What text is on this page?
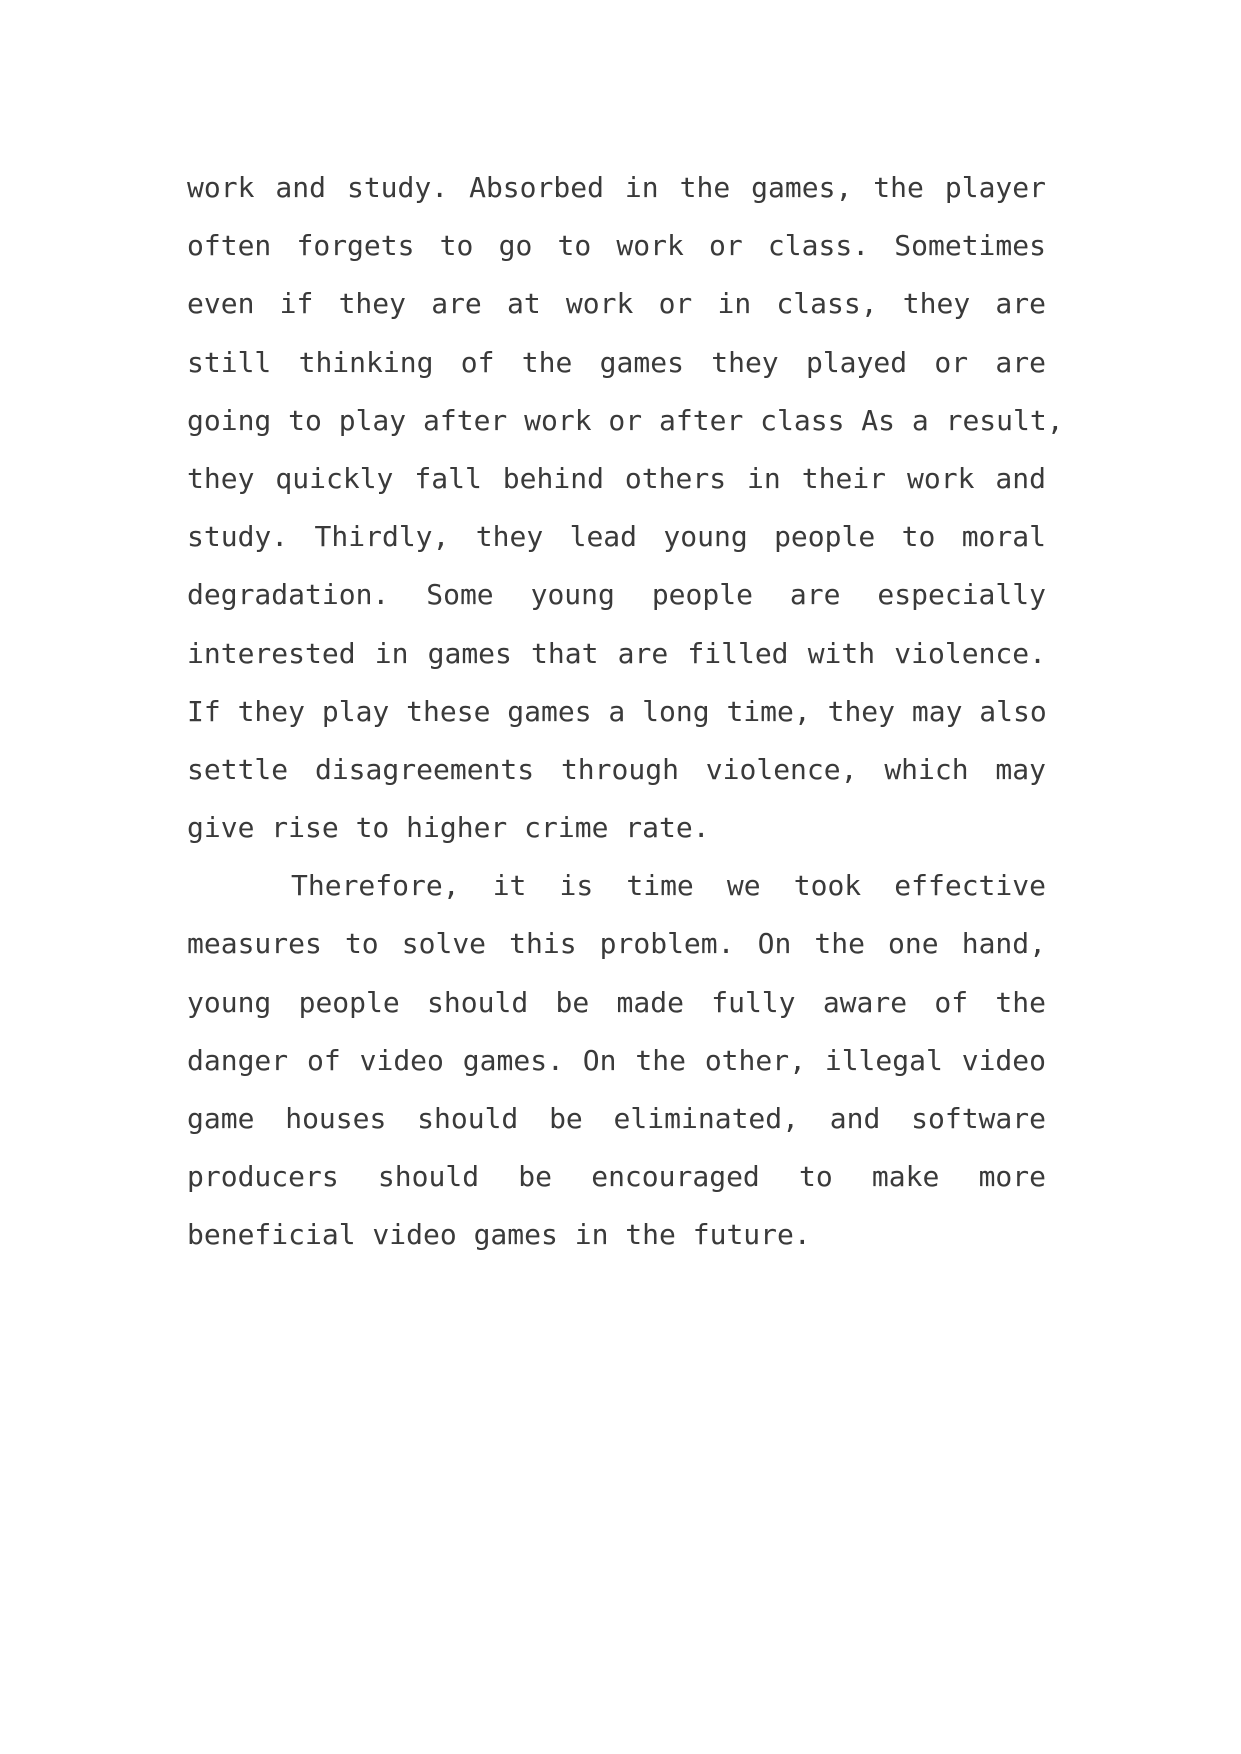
work and study. Absorbed in the games, the player
often forgets to go to work or class. Sometimes
even if they are at work or in class, they are
still thinking of the games they played or are
going to play after work or after class As a result,
they quickly fall behind others in their work and
study. Thirdly, they lead young people to moral
degradation. Some young people are especially
interested in games that are filled with violence.
If they play these games a long time, they may also
settle disagreements through violence, which may
give rise to higher crime rate.
Therefore, it is time we took effective
measures to solve this problem. On the one hand,
young people should be made fully aware of the
danger of video games. On the other, illegal video
game houses should be eliminated, and software
producers should be encouraged to make more
beneficial video games in the future.
